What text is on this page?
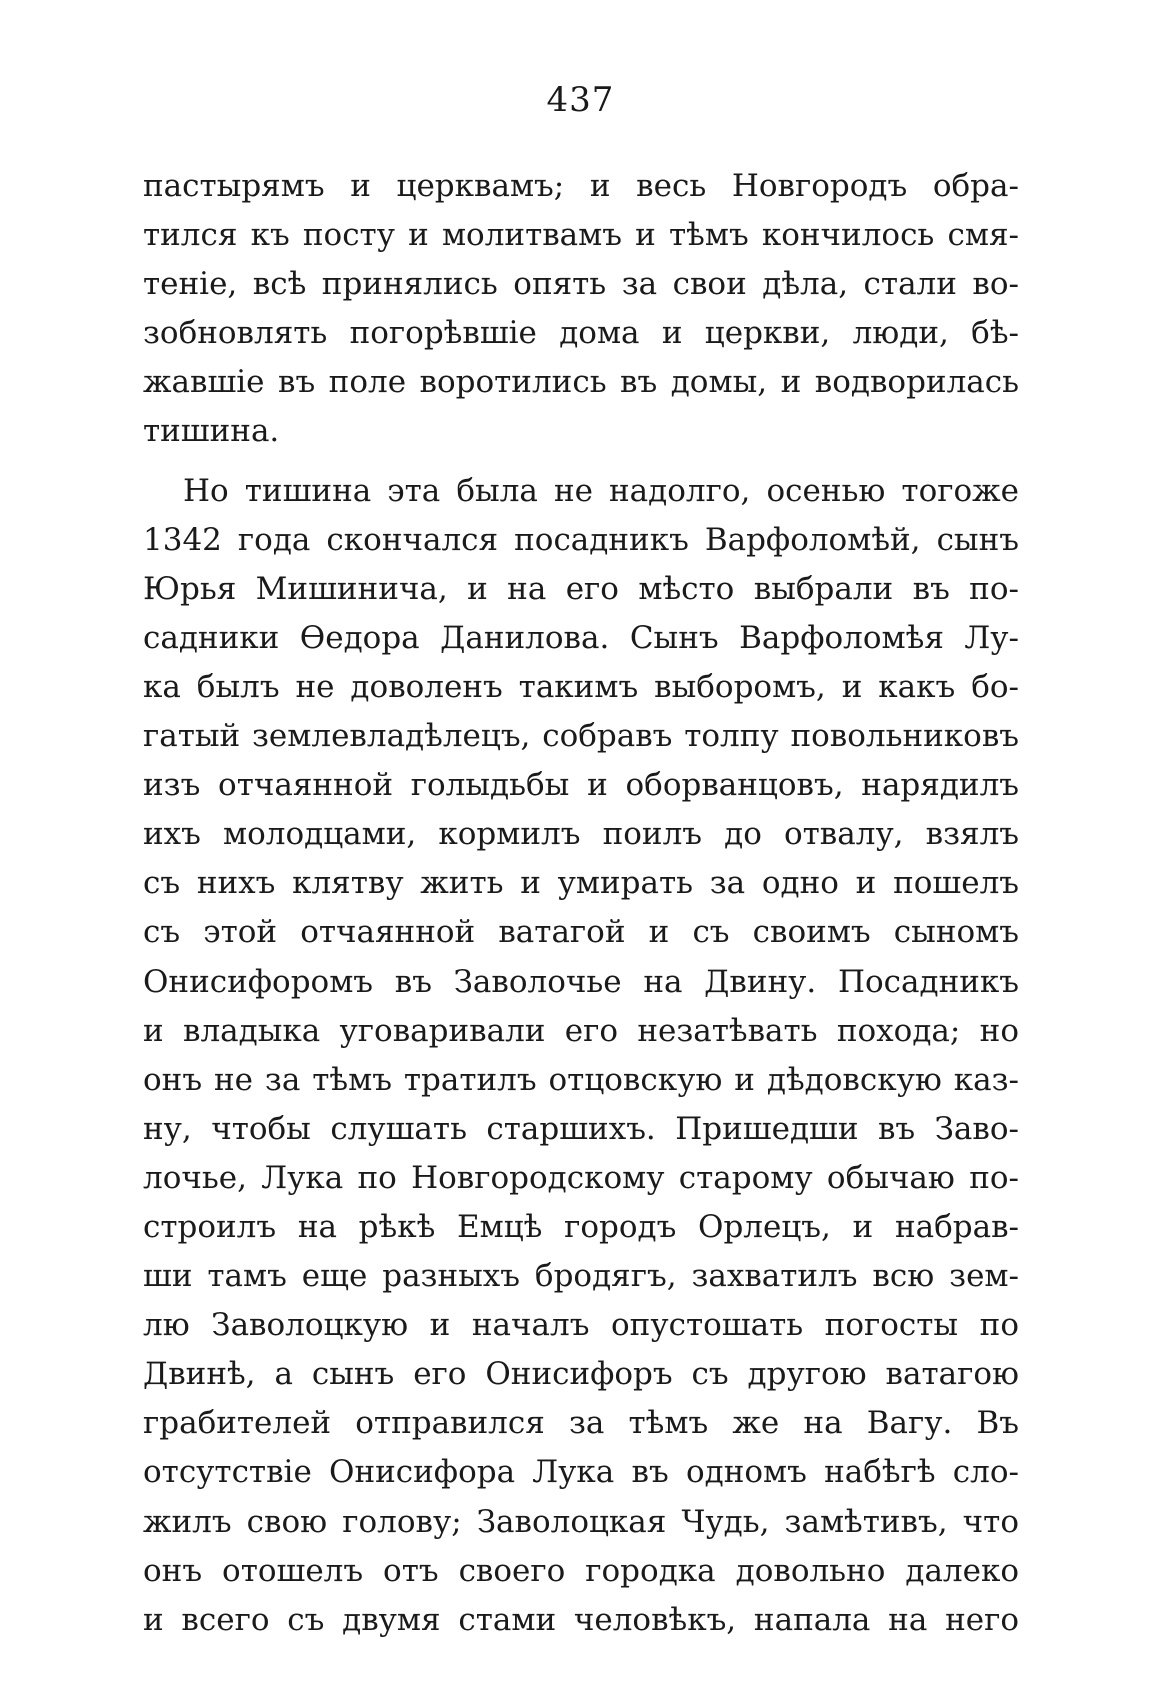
437
пастырямъ и церквамъ; и весь Новгородъ обра-
тился къ посту и молитвамъ и тѣмъ кончилось смя-
теніе, всѣ принялись опять за свои дѣла, стали во-
зобновлять погорѣвшіе дома и церкви, люди, бѣ-
жавшіе въ поле воротились въ домы, и водворилась
тишина.
Но тишина эта была не надолго, осенью тогоже
1342 года скончался посадникъ Варфоломѣй, сынъ
Юрья Мишинича, и на его мѣсто выбрали въ по-
садники Ѳедора Данилова. Сынъ Варфоломѣя Лу-
ка былъ не доволенъ такимъ выборомъ, и какъ бо-
гатый землевладѣлецъ, собравъ толпу повольниковъ
изъ отчаянной голыдьбы и оборванцовъ, нарядилъ
ихъ молодцами, кормилъ поилъ до отвалу, взялъ
съ нихъ клятву жить и умирать за одно и пошелъ
съ этой отчаянной ватагой и съ своимъ сыномъ
Онисифоромъ въ Заволочье на Двину. Посадникъ
и владыка уговаривали его незатѣвать похода; но
онъ не за тѣмъ тратилъ отцовскую и дѣдовскую каз-
ну, чтобы слушать старшихъ. Пришедши въ Заво-
лочье, Лука по Новгородскому старому обычаю по-
строилъ на рѣкѣ Емцѣ городъ Орлецъ, и набрав-
ши тамъ еще разныхъ бродягъ, захватилъ всю зем-
лю Заволоцкую и началъ опустошать погосты по
Двинѣ, а сынъ его Онисифоръ съ другою ватагою
грабителей отправился за тѣмъ же на Вагу. Въ
отсутствіе Онисифора Лука въ одномъ набѣгѣ сло-
жилъ свою голову; Заволоцкая Чудь, замѣтивъ, что
онъ отошелъ отъ своего городка довольно далеко
и всего съ двумя стами человѣкъ, напала на него
